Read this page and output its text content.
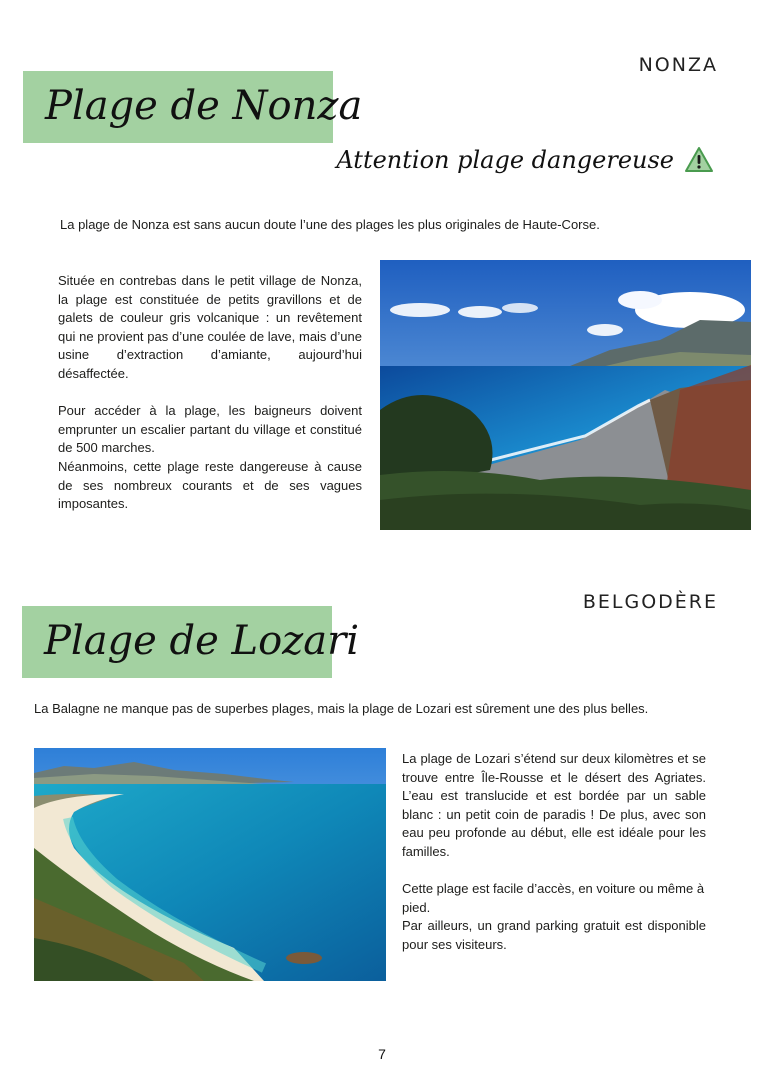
NONZA
Plage de Nonza
Attention plage dangereuse
La plage de Nonza est sans aucun doute l’une des plages les plus originales de Haute-Corse.

Située en contrebas dans le petit village de Nonza, la plage est constituée de petits gravillons et de galets de couleur gris volcanique : un revêtement qui ne provient pas d’une coulée de lave, mais d’une usine d’extraction d’amiante, aujourd’hui désaffectée.

Pour accéder à la plage, les baigneurs doivent emprunter un escalier partant du village et constitué de 500 marches.

Néanmoins, cette plage reste dangereuse à cause de ses nombreux courants et de ses vagues imposantes.

BELGODÈRE
Plage de Lozari
La Balagne ne manque pas de superbes plages, mais la plage de Lozari est sûrement une des plus belles.

La plage de Lozari s’étend sur deux kilomètres et se trouve entre Île-Rousse et le désert des Agriates. L’eau est translucide et est bordée par un sable blanc : un petit coin de paradis ! De plus, avec son eau peu profonde au début, elle est idéale pour les familles.

Cette plage est facile d’accès, en voiture ou même à pied.

Par ailleurs, un grand parking gratuit est disponible pour ses visiteurs.

7
